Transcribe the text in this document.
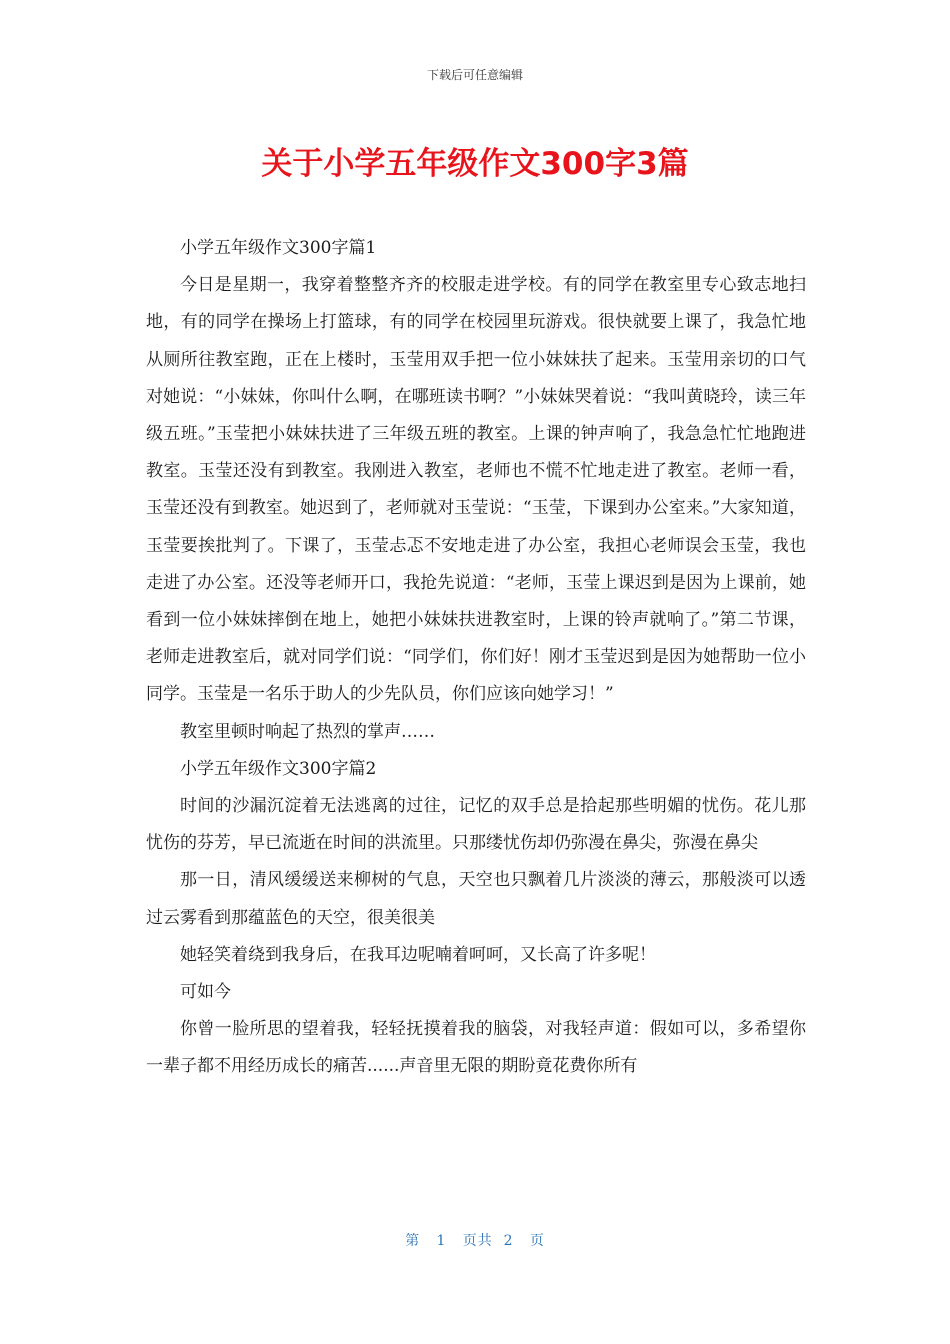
下载后可任意编辑
关于小学五年级作文300字3篇

小学五年级作文300字篇1

今日是星期一，我穿着整整齐齐的校服走进学校。有的同学在教室里专心致志地扫地，有的同学在操场上打篮球，有的同学在校园里玩游戏。很快就要上课了，我急忙地从厕所往教室跑，正在上楼时，玉莹用双手把一位小妹妹扶了起来。玉莹用亲切的口气对她说：“小妹妹，你叫什么啊，在哪班读书啊？”小妹妹哭着说：“我叫黄晓玲，读三年级五班。”玉莹把小妹妹扶进了三年级五班的教室。上课的钟声响了，我急急忙忙地跑进教室。玉莹还没有到教室。我刚进入教室，老师也不慌不忙地走进了教室。老师一看，玉莹还没有到教室。她迟到了，老师就对玉莹说：“玉莹，下课到办公室来。”大家知道，玉莹要挨批判了。下课了，玉莹忐忑不安地走进了办公室，我担心老师误会玉莹，我也走进了办公室。还没等老师开口，我抢先说道：“老师，玉莹上课迟到是因为上课前，她看到一位小妹妹摔倒在地上，她把小妹妹扶进教室时，上课的铃声就响了。”第二节课，老师走进教室后，就对同学们说：“同学们，你们好！刚才玉莹迟到是因为她帮助一位小同学。玉莹是一名乐于助人的少先队员，你们应该向她学习！”

教室里顿时响起了热烈的掌声……

小学五年级作文300字篇2

时间的沙漏沉淀着无法逃离的过往，记忆的双手总是拾起那些明媚的忧伤。花儿那忧伤的芬芳，早已流逝在时间的洪流里。只那缕忧伤却仍弥漫在鼻尖，弥漫在鼻尖

那一日，清风缓缓送来柳树的气息，天空也只飘着几片淡淡的薄云，那般淡可以透过云雾看到那蕴蓝色的天空，很美很美

她轻笑着绕到我身后，在我耳边呢喃着呵呵，又长高了许多呢！

可如今

你曾一脸所思的望着我，轻轻抚摸着我的脑袋，对我轻声道：假如可以，多希望你一辈子都不用经历成长的痛苦......声音里无限的期盼竟花费你所有

第 1 页共 2 页
